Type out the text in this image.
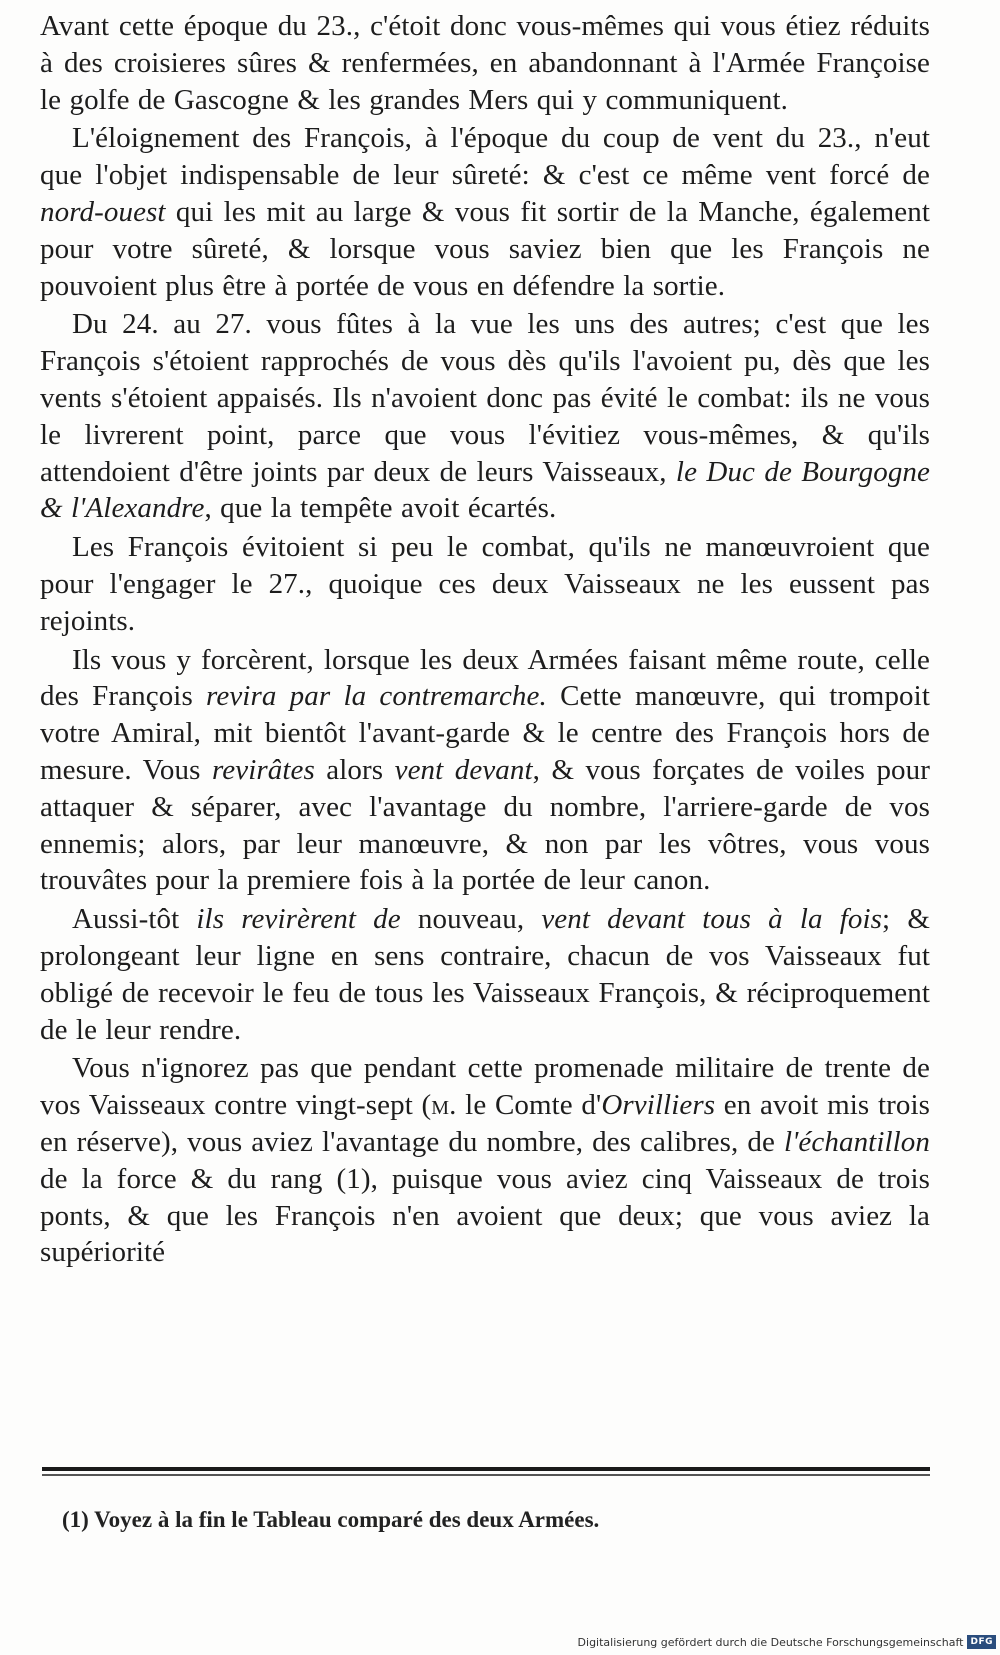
Avant cette époque du 23., c'étoit donc vous-mêmes qui vous étiez réduits à des croisieres sûres & renfermées, en abandonnant à l'Armée Françoise le golfe de Gascogne & les grandes Mers qui y communiquent.

L'éloignement des François, à l'époque du coup de vent du 23., n'eut que l'objet indispensable de leur sûreté: & c'est ce même vent forcé de nord-ouest qui les mit au large & vous fit sortir de la Manche, également pour votre sûreté, & lorsque vous saviez bien que les François ne pouvoient plus être à portée de vous en défendre la sortie.

Du 24. au 27. vous fûtes à la vue les uns des autres; c'est que les François s'étoient rapprochés de vous dès qu'ils l'avoient pu, dès que les vents s'étoient appaisés. Ils n'avoient donc pas évité le combat: ils ne vous le livrerent point, parce que vous l'évitiez vous-mêmes, & qu'ils attendoient d'être joints par deux de leurs Vaisseaux, le Duc de Bourgogne & l'Alexandre, que la tempête avoit écartés.

Les François évitoient si peu le combat, qu'ils ne manœuvroient que pour l'engager le 27., quoique ces deux Vaisseaux ne les eussent pas rejoints.

Ils vous y forcèrent, lorsque les deux Armées faisant même route, celle des François revira par la contremarche. Cette manœuvre, qui trompoit votre Amiral, mit bientôt l'avant-garde & le centre des François hors de mesure. Vous revirâtes alors vent devant, & vous forçates de voiles pour attaquer & séparer, avec l'avantage du nombre, l'arriere-garde de vos ennemis; alors, par leur manœuvre, & non par les vôtres, vous vous trouvâtes pour la premiere fois à la portée de leur canon.

Aussi-tôt ils revirèrent de nouveau, vent devant tous à la fois; & prolongeant leur ligne en sens contraire, chacun de vos Vaisseaux fut obligé de recevoir le feu de tous les Vaisseaux François, & réciproquement de le leur rendre.

Vous n'ignorez pas que pendant cette promenade militaire de trente de vos Vaisseaux contre vingt-sept (m. le Comte d'Orvilliers en avoit mis trois en réserve), vous aviez l'avantage du nombre, des calibres, de l'échantillon de la force & du rang (1), puisque vous aviez cinq Vaisseaux de trois ponts, & que les François n'en avoient que deux; que vous aviez la supériorité

(1) Voyez à la fin le Tableau comparé des deux Armées.
Digitalisierung gefördert durch die Deutsche Forschungsgemeinschaft DFG
